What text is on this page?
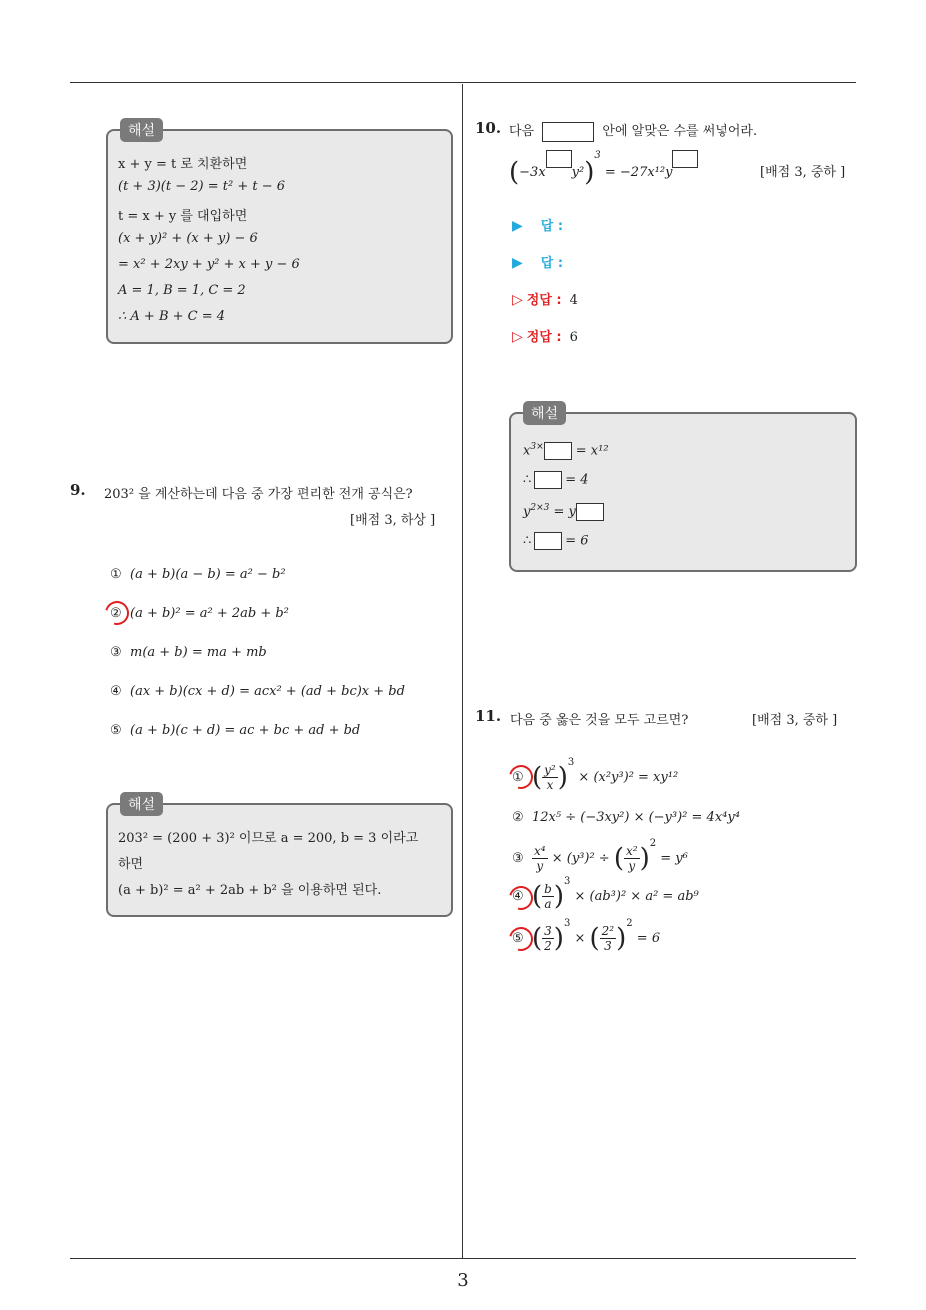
해설
x + y = t 로 치환하면
(t + 3)(t − 2) = t² + t − 6
t = x + y 를 대입하면
(x + y)² + (x + y) − 6
= x² + 2xy + y² + x + y − 6
A = 1, B = 1, C = 2
∴ A + B + C = 4
9. 203² 을 계산하는데 다음 중 가장 편리한 전개 공식은?
[배점 3, 하상 ]
① (a + b)(a − b) = a² − b²
② (a + b)² = a² + 2ab + b²
③ m(a + b) = ma + mb
④ (ax + b)(cx + d) = acx² + (ad + bc)x + bd
⑤ (a + b)(c + d) = ac + bc + ad + bd
해설
203² = (200 + 3)² 이므로 a = 200, b = 3 이라고
하면
(a + b)² = a² + 2ab + b² 을 이용하면 된다.
10. 다음	안에 알맞은 수를 써넣어라.
(−3x y²)$^3$ = −27x¹²y	[배점 3, 중하 ]
▶ 답 :
▶ 답 :
▷ 정답 : 4
▷ 정답 : 6
해설
$x^{3\times} = x^{12}$
∴	= 4
$y^{2\times 3} = y$
∴	= 6
11. 다음 중 옳은 것을 모두 고르면?	[배점 3, 중하 ]
① ( $\frac{\text{y²}}{x} )^3 \times (x^2y^3)^2 = xy^{12}$
② 12x⁵ ÷ (−3xy²) × (−y³)² = 4x⁴y⁴
③ $\frac{\text{x⁴}}{y} \times (y^3)^2$ ÷ ( $\frac{\text{x²}}{y} )^2 = y^6$
④ ( $\frac{b}{a} )^3 \times (ab^3)^2 \times a^2 = ab^9$
⑤ ( $\frac{3}{2} )^3$ × ( $\frac{\text{2²}}{3} )^2 = 6$
3
